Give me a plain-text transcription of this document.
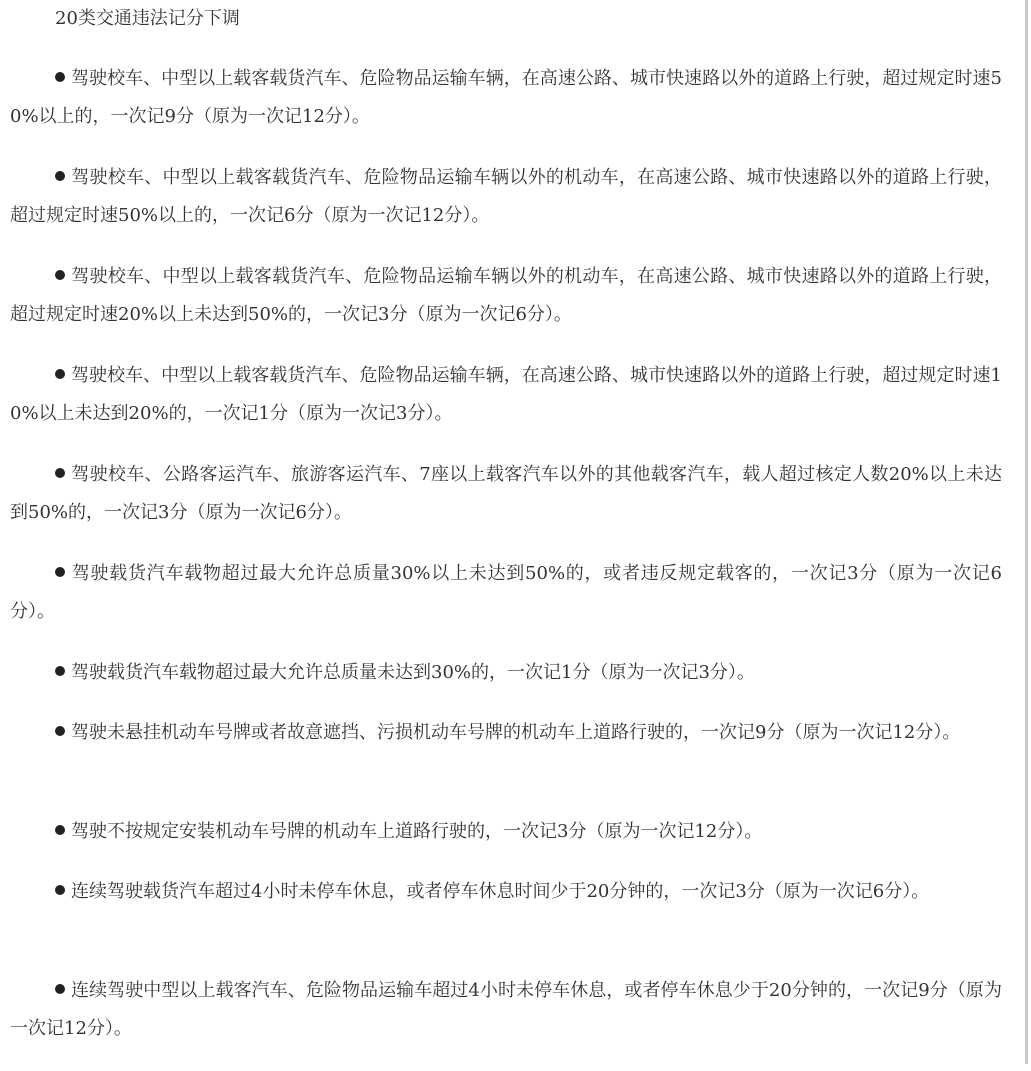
20类交通违法记分下调
驾驶校车、中型以上载客载货汽车、危险物品运输车辆，在高速公路、城市快速路以外的道路上行驶，超过规定时速50%以上的，一次记9分（原为一次记12分）。
驾驶校车、中型以上载客载货汽车、危险物品运输车辆以外的机动车，在高速公路、城市快速路以外的道路上行驶，超过规定时速50%以上的，一次记6分（原为一次记12分）。
驾驶校车、中型以上载客载货汽车、危险物品运输车辆以外的机动车，在高速公路、城市快速路以外的道路上行驶，超过规定时速20%以上未达到50%的，一次记3分（原为一次记6分）。
驾驶校车、中型以上载客载货汽车、危险物品运输车辆，在高速公路、城市快速路以外的道路上行驶，超过规定时速10%以上未达到20%的，一次记1分（原为一次记3分）。
驾驶校车、公路客运汽车、旅游客运汽车、7座以上载客汽车以外的其他载客汽车，载人超过核定人数20%以上未达到50%的，一次记3分（原为一次记6分）。
驾驶载货汽车载物超过最大允许总质量30%以上未达到50%的，或者违反规定载客的，一次记3分（原为一次记6分）。
驾驶载货汽车载物超过最大允许总质量未达到30%的，一次记1分（原为一次记3分）。
驾驶未悬挂机动车号牌或者故意遮挡、污损机动车号牌的机动车上道路行驶的，一次记9分（原为一次记12分）。
驾驶不按规定安装机动车号牌的机动车上道路行驶的，一次记3分（原为一次记12分）。
连续驾驶载货汽车超过4小时未停车休息，或者停车休息时间少于20分钟的，一次记3分（原为一次记6分）。
连续驾驶中型以上载客汽车、危险物品运输车超过4小时未停车休息，或者停车休息少于20分钟的，一次记9分（原为一次记12分）。
